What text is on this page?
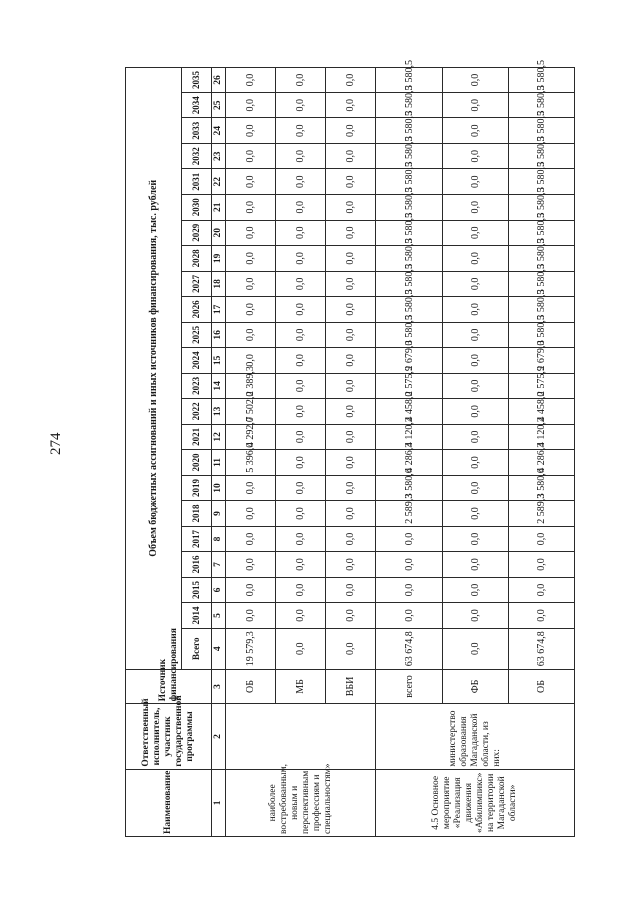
274
Наименование	Ответственный исполнитель, участник государственной программы	Источник финансирования	Объем бюджетных ассигнований и иных источников финансирования, тыс. рублей																						
			Всего	2014	2015	2016	2017	2018	2019	2020	2021	2022	2023	2024	2025	2026	2027	2028	2029	2030	2031	2032	2033	2034	2035
1	2	3	4	5	6	7	8	9	10	11	12	13	14	15	16	17	18	19	20	21	22	23	24	25	26
наиболее востребованным, новым и перспективным профессиям и специальностям»		ОБ	19 579,3	0,0	0,0	0,0	0,0	0,0	0,0	5 396,0	4 292,0	7 502,0	2 389,3	0,0	0,0	0,0	0,0	0,0	0,0	0,0	0,0	0,0	0,0	0,0	0,0
		МБ	0,0	0,0	0,0	0,0	0,0	0,0	0,0	0,0	0,0	0,0	0,0	0,0	0,0	0,0	0,0	0,0	0,0	0,0	0,0	0,0	0,0	0,0	0,0
		ВБИ	0,0	0,0	0,0	0,0	0,0	0,0	0,0	0,0	0,0	0,0	0,0	0,0	0,0	0,0	0,0	0,0	0,0	0,0	0,0	0,0	0,0	0,0	0,0
4.5 Основное мероприятие «Реализация движения «Абилимпикс» на территории Магаданской области»	министерство образования Магаданской области, из них:	всего	63 674,8	0,0	0,0	0,0	0,0	2 589,3	3 580,6	4 286,3	4 120,2	4 458,0	2 575,9	2 679,0	3 580,5	3 580,5	3 580,5	3 580,5	3 580,5	3 580,5	3 580,5	3 580,5	3 580,5	3 580,5	3 580,5
		ФБ	0,0	0,0	0,0	0,0	0,0	0,0	0,0	0,0	0,0	0,0	0,0	0,0	0,0	0,0	0,0	0,0	0,0	0,0	0,0	0,0	0,0	0,0	0,0
		ОБ	63 674,8	0,0	0,0	0,0	0,0	2 589,3	3 580,6	4 286,3	4 120,2	4 458,0	2 575,9	2 679,0	3 580,5	3 580,5	3 580,5	3 580,5	3 580,5	3 580,5	3 580,5	3 580,5	3 580,5	3 580,5	3 580,5
